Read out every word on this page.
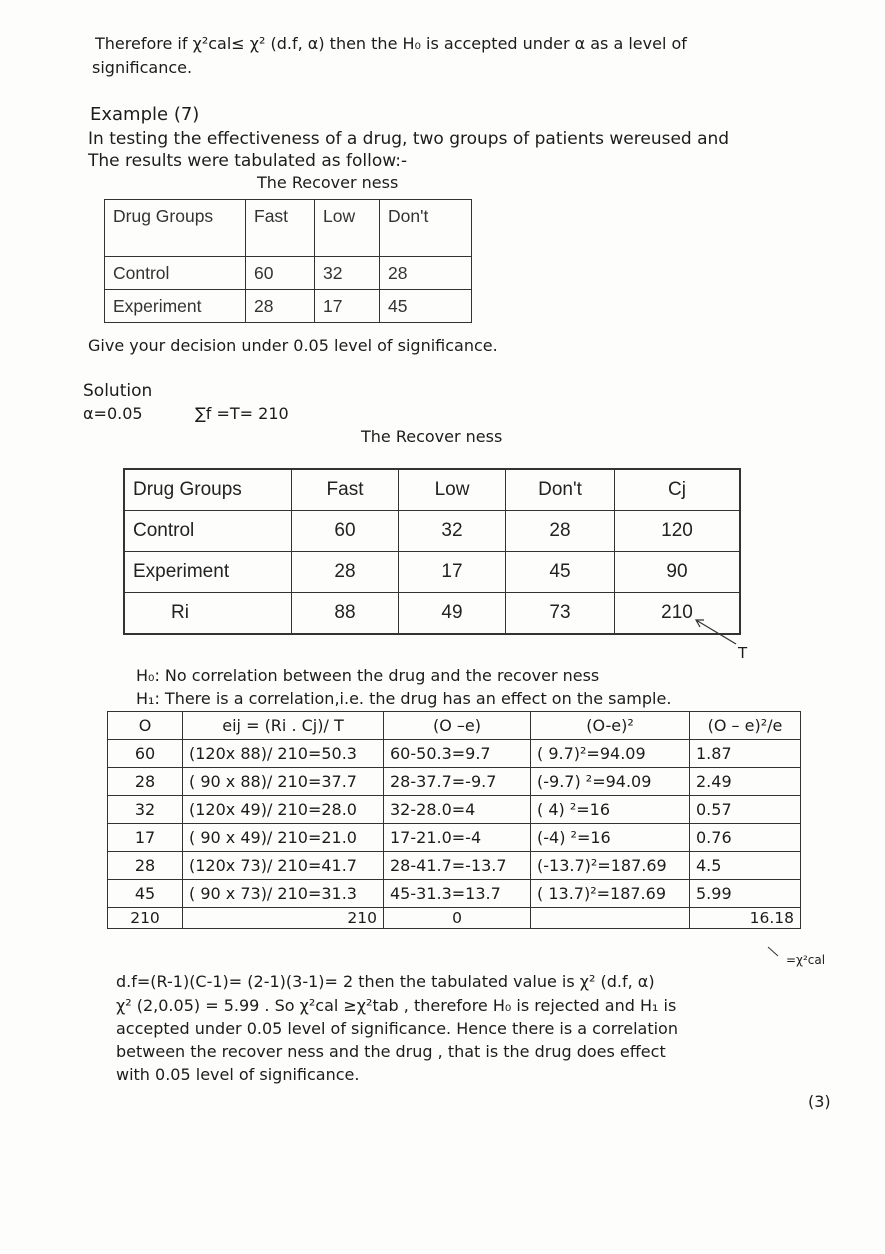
Therefore if χ²cal≤ χ² (d.f, α) then the H₀ is accepted under α as a level of
significance.
Example (7)
In testing the effectiveness of a drug, two groups of patients wereused and
The results were tabulated as follow:-
The Recover ness
Drug Groups	Fast	Low	Don't
Control	60	32	28
Experiment	28	17	45
Give your decision under 0.05 level of significance.
Solution
α=0.05	∑f =T= 210
The Recover ness
Drug Groups	Fast	Low	Don't	Cj
Control	60	32	28	120
Experiment	28	17	45	90
Ri	88	49	73	210
T
H₀: No correlation between the drug and the recover ness
H₁: There is a correlation,i.e. the drug has an effect on the sample.
O	eij = (Ri . Cj)/ T	(O –e)	(O-e)²	(O – e)²/e
60	(120x 88)/ 210=50.3	60-50.3=9.7	( 9.7)²=94.09	1.87
28	( 90 x 88)/ 210=37.7	28-37.7=-9.7	(-9.7) ²=94.09	2.49
32	(120x 49)/ 210=28.0	32-28.0=4	( 4) ²=16	0.57
17	( 90 x 49)/ 210=21.0	17-21.0=-4	(-4) ²=16	0.76
28	(120x 73)/ 210=41.7	28-41.7=-13.7	(-13.7)²=187.69	4.5
45	( 90 x 73)/ 210=31.3	45-31.3=13.7	( 13.7)²=187.69	5.99
210	210	0		16.18
=χ²cal
d.f=(R-1)(C-1)= (2-1)(3-1)= 2 then the tabulated value is χ² (d.f, α)
χ² (2,0.05) = 5.99 . So χ²cal ≥χ²tab , therefore H₀ is rejected and H₁ is
accepted under 0.05 level of significance. Hence there is a correlation
between the recover ness and the drug , that is the drug does effect
with 0.05 level of significance.
(3)
